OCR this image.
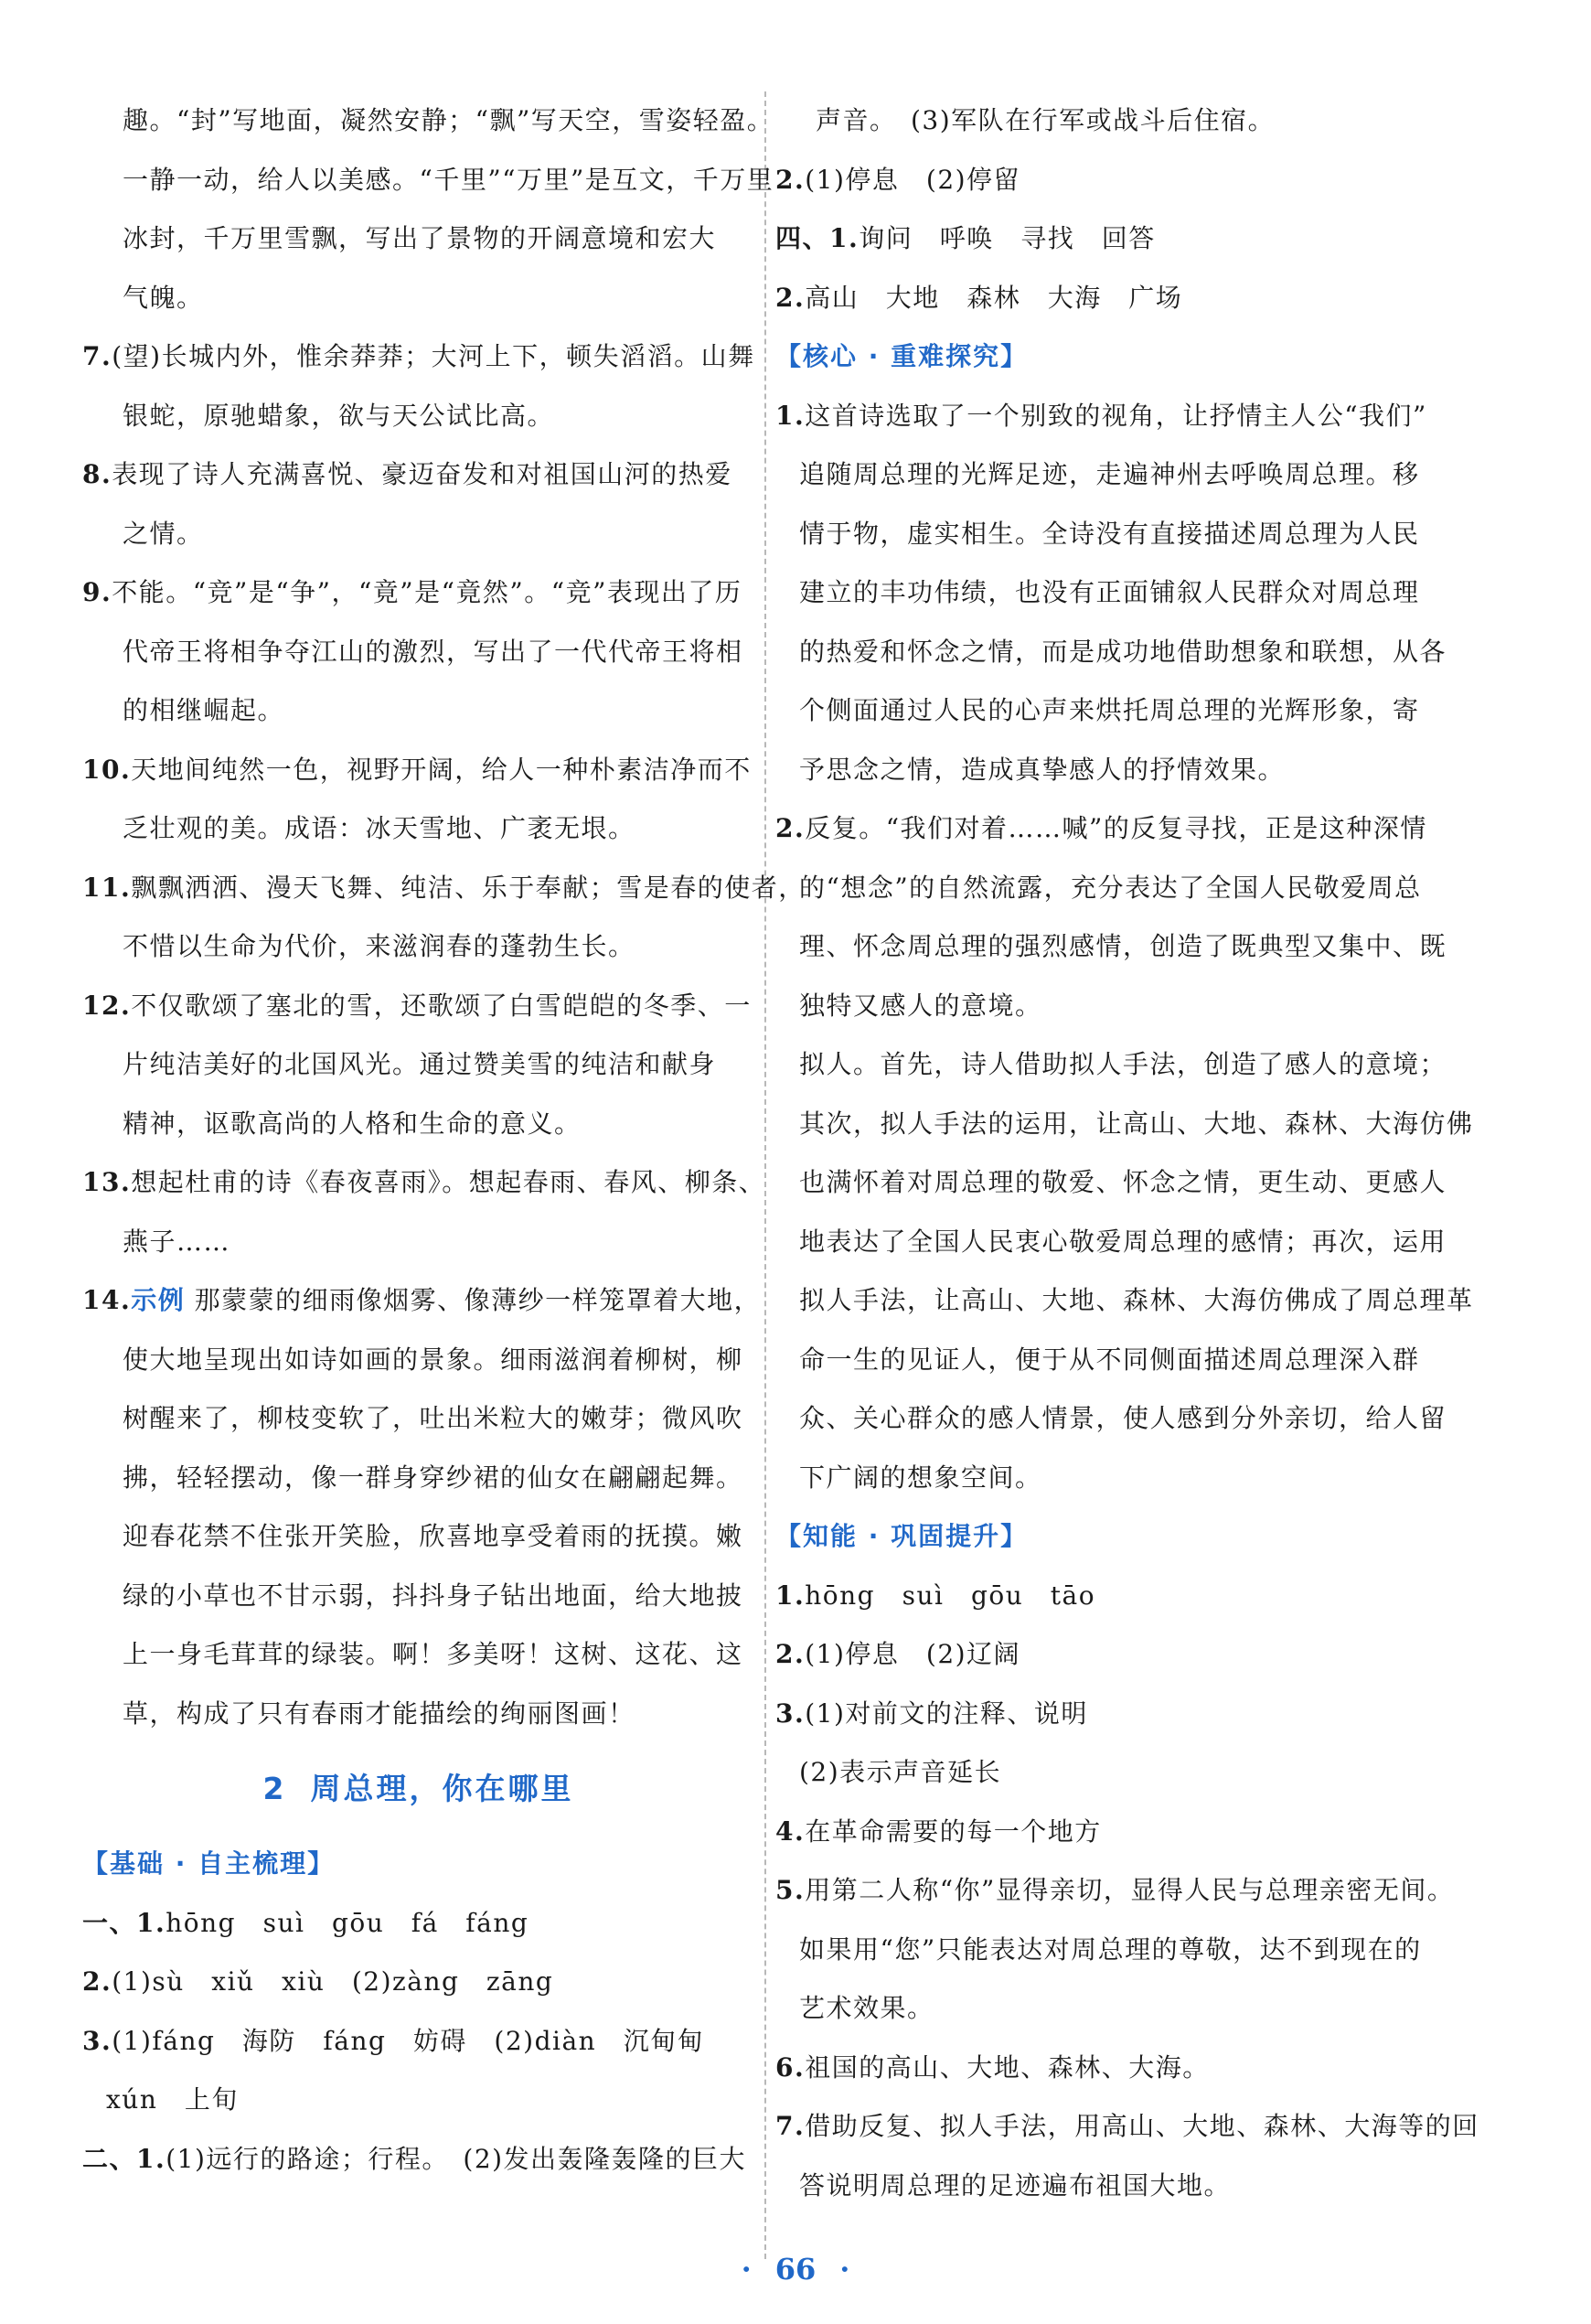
趣。“封”写地面，凝然安静；“飘”写天空，雪姿轻盈。
一静一动，给人以美感。“千里”“万里”是互文，千万里
冰封，千万里雪飘，写出了景物的开阔意境和宏大
气魄。
7.(望)长城内外，惟余莽莽；大河上下，顿失滔滔。山舞
银蛇，原驰蜡象，欲与天公试比高。
8.表现了诗人充满喜悦、豪迈奋发和对祖国山河的热爱
之情。
9.不能。“竞”是“争”，“竟”是“竟然”。“竞”表现出了历
代帝王将相争夺江山的激烈，写出了一代代帝王将相
的相继崛起。
10.天地间纯然一色，视野开阔，给人一种朴素洁净而不
乏壮观的美。成语：冰天雪地、广袤无垠。
11.飘飘洒洒、漫天飞舞、纯洁、乐于奉献；雪是春的使者，
不惜以生命为代价，来滋润春的蓬勃生长。
12.不仅歌颂了塞北的雪，还歌颂了白雪皑皑的冬季、一
片纯洁美好的北国风光。通过赞美雪的纯洁和献身
精神，讴歌高尚的人格和生命的意义。
13.想起杜甫的诗《春夜喜雨》。想起春雨、春风、柳条、
燕子……
14.示例 那蒙蒙的细雨像烟雾、像薄纱一样笼罩着大地，
使大地呈现出如诗如画的景象。细雨滋润着柳树，柳
树醒来了，柳枝变软了，吐出米粒大的嫩芽；微风吹
拂，轻轻摆动，像一群身穿纱裙的仙女在翩翩起舞。
迎春花禁不住张开笑脸，欣喜地享受着雨的抚摸。嫩
绿的小草也不甘示弱，抖抖身子钻出地面，给大地披
上一身毛茸茸的绿装。啊！多美呀！这树、这花、这
草，构成了只有春雨才能描绘的绚丽图画！
2 周总理，你在哪里
【基础 · 自主梳理】
一、1.hōng　suì　gōu　fá　fáng
2.(1)sù　xiǔ　xiù　(2)zàng　zāng
3.(1)fáng　海防　fáng　妨碍　(2)diàn　沉甸甸
xún　上旬
二、1.(1)远行的路途；行程。　(2)发出轰隆轰隆的巨大
声音。　(3)军队在行军或战斗后住宿。
2.(1)停息　(2)停留
四、1.询问　呼唤　寻找　回答
2.高山　大地　森林　大海　广场
【核心 · 重难探究】
1.这首诗选取了一个别致的视角，让抒情主人公“我们”
追随周总理的光辉足迹，走遍神州去呼唤周总理。移
情于物，虚实相生。全诗没有直接描述周总理为人民
建立的丰功伟绩，也没有正面铺叙人民群众对周总理
的热爱和怀念之情，而是成功地借助想象和联想，从各
个侧面通过人民的心声来烘托周总理的光辉形象，寄
予思念之情，造成真挚感人的抒情效果。
2.反复。“我们对着……喊”的反复寻找，正是这种深情
的“想念”的自然流露，充分表达了全国人民敬爱周总
理、怀念周总理的强烈感情，创造了既典型又集中、既
独特又感人的意境。
拟人。首先，诗人借助拟人手法，创造了感人的意境；
其次，拟人手法的运用，让高山、大地、森林、大海仿佛
也满怀着对周总理的敬爱、怀念之情，更生动、更感人
地表达了全国人民衷心敬爱周总理的感情；再次，运用
拟人手法，让高山、大地、森林、大海仿佛成了周总理革
命一生的见证人，便于从不同侧面描述周总理深入群
众、关心群众的感人情景，使人感到分外亲切，给人留
下广阔的想象空间。
【知能 · 巩固提升】
1.hōng　suì　gōu　tāo
2.(1)停息　(2)辽阔
3.(1)对前文的注释、说明
(2)表示声音延长
4.在革命需要的每一个地方
5.用第二人称“你”显得亲切，显得人民与总理亲密无间。
如果用“您”只能表达对周总理的尊敬，达不到现在的
艺术效果。
6.祖国的高山、大地、森林、大海。
7.借助反复、拟人手法，用高山、大地、森林、大海等的回
答说明周总理的足迹遍布祖国大地。
· 66 ·
